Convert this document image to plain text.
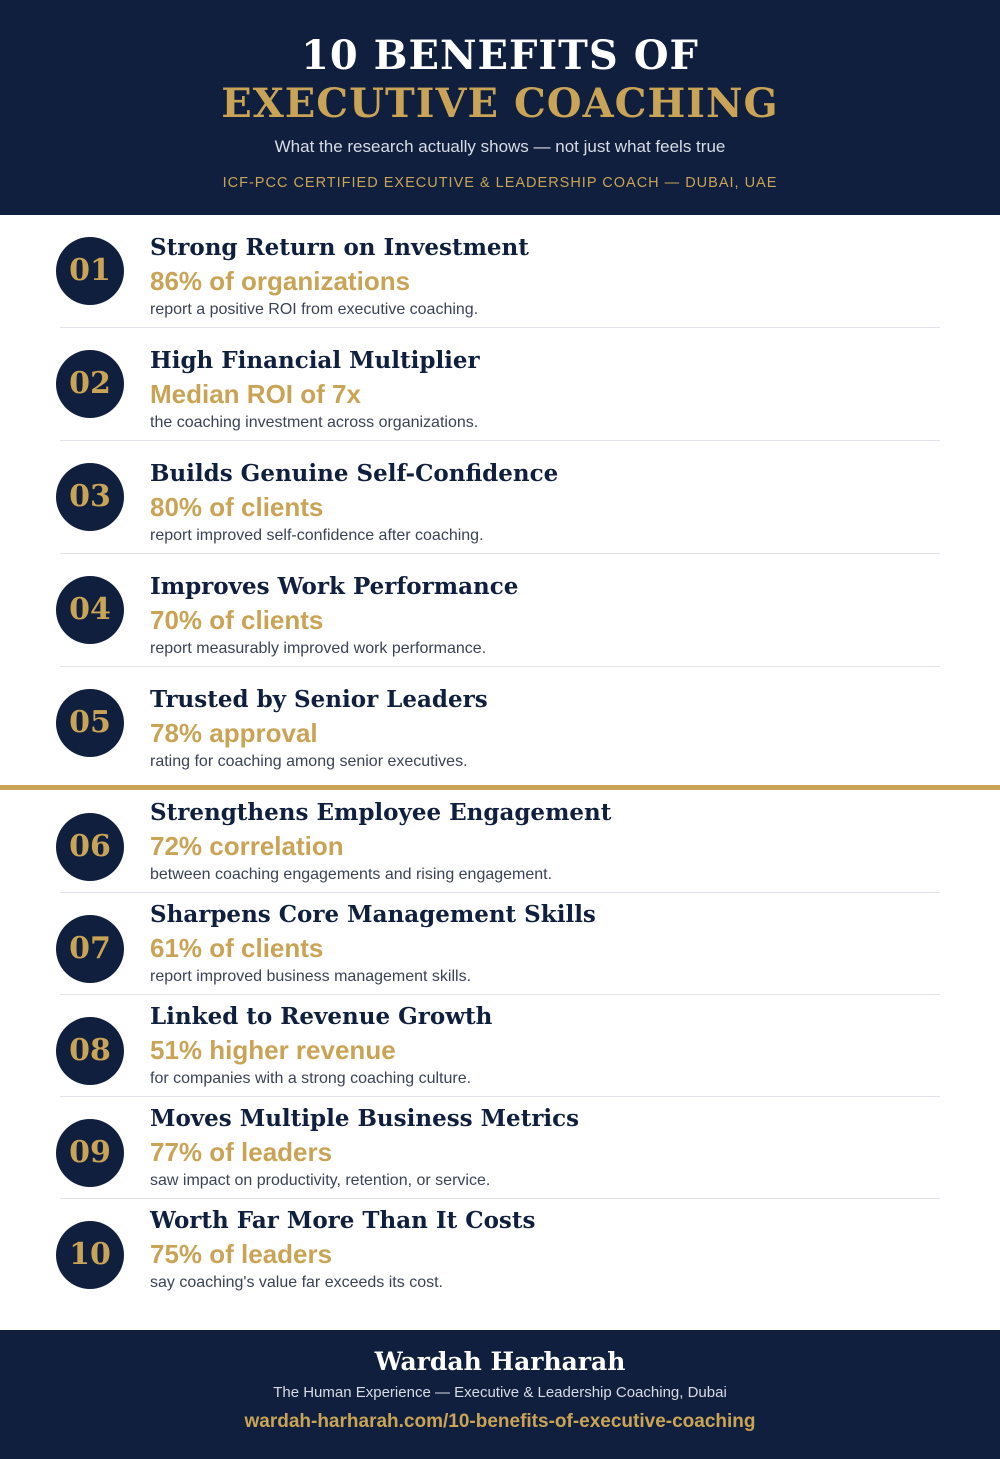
10 BENEFITS OF
EXECUTIVE COACHING
What the research actually shows — not just what feels true
ICF-PCC CERTIFIED EXECUTIVE & LEADERSHIP COACH — DUBAI, UAE
01
Strong Return on Investment
86% of organizations
report a positive ROI from executive coaching.
02
High Financial Multiplier
Median ROI of 7x
the coaching investment across organizations.
03
Builds Genuine Self-Confidence
80% of clients
report improved self-confidence after coaching.
04
Improves Work Performance
70% of clients
report measurably improved work performance.
05
Trusted by Senior Leaders
78% approval
rating for coaching among senior executives.
06
Strengthens Employee Engagement
72% correlation
between coaching engagements and rising engagement.
07
Sharpens Core Management Skills
61% of clients
report improved business management skills.
08
Linked to Revenue Growth
51% higher revenue
for companies with a strong coaching culture.
09
Moves Multiple Business Metrics
77% of leaders
saw impact on productivity, retention, or service.
10
Worth Far More Than It Costs
75% of leaders
say coaching's value far exceeds its cost.
Wardah Harharah
The Human Experience — Executive & Leadership Coaching, Dubai
wardah-harharah.com/10-benefits-of-executive-coaching
